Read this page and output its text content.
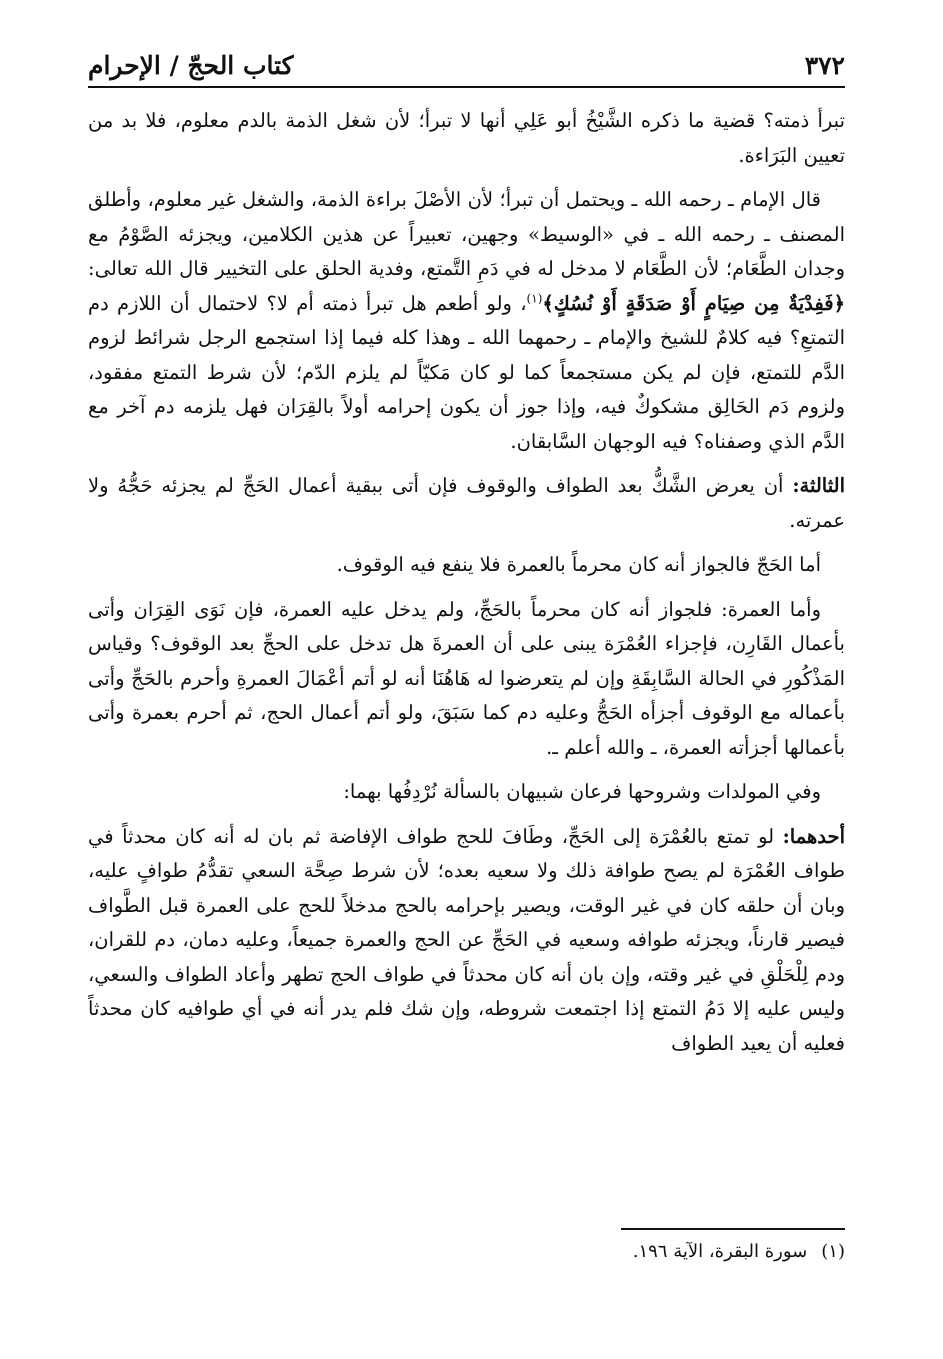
٣٧٢
كتاب الحجّ / الإحرام

تبرأ ذمته؟ قضية ما ذكره الشَّيْخُ أبو عَلِي أنها لا تبرأ؛ لأن شغل الذمة بالدم معلوم، فلا بد من تعيين البَرَاءة.

قال الإمام ـ رحمه الله ـ ويحتمل أن تبرأ؛ لأن الأصْلَ براءة الذمة، والشغل غير معلوم، وأطلق المصنف ـ رحمه الله ـ في «الوسيط» وجهين، تعبيراً عن هذين الكلامين، ويجزئه الصَّوْمُ مع وجدان الطَّعَام؛ لأن الطَّعَام لا مدخل له في دَمِ التَّمتع، وفدية الحلق على التخيير قال الله تعالى: ﴿فَفِدْيَةٌ مِن صِيَامٍ أَوْ صَدَقَةٍ أَوْ نُسُكٍ﴾$^{(١)}$، ولو أطعم هل تبرأ ذمته أم لا؟ لاحتمال أن اللازم دم التمتعِ؟ فيه كلامٌ للشيخ والإمام ـ رحمهما الله ـ وهذا كله فيما إذا استجمع الرجل شرائط لزوم الدَّم للتمتع، فإن لم يكن مستجمعاً كما لو كان مَكيّاً لم يلزم الدّم؛ لأن شرط التمتع مفقود، ولزوم دَم الحَالِق مشكوكٌ فيه، وإذا جوز أن يكون إحرامه أولاً بالقِرَان فهل يلزمه دم آخر مع الدَّم الذي وصفناه؟ فيه الوجهان السَّابقان.

الثالثة: أن يعرض الشَّكُّ بعد الطواف والوقوف فإن أتى ببقية أعمال الحَجِّ لم يجزئه حَجُّهُ ولا عمرته.

أما الحَجّ فالجواز أنه كان محرماً بالعمرة فلا ينفع فيه الوقوف.

وأما العمرة: فلجواز أنه كان محرماً بالحَجِّ، ولم يدخل عليه العمرة، فإن نَوَى القِرَان وأتى بأعمال القَارِن، فإجزاء العُمْرَة يبنى على أن العمرةَ هل تدخل على الحجِّ بعد الوقوف؟ وقياس المَذْكُورِ في الحالة السَّابِقَةِ وإن لم يتعرضوا له هَاهُنَا أنه لو أتم أعْمَالَ العمرةِ وأحرم بالحَجِّ وأتى بأعماله مع الوقوف أجزأه الحَجُّ وعليه دم كما سَبَقَ، ولو أتم أعمال الحج، ثم أحرم بعمرة وأتى بأعمالها أجزأته العمرة، ـ والله أعلم ـ.

وفي المولدات وشروحها فرعان شبيهان بالسألة نُرْدِفُها بهما:

أحدهما: لو تمتع بالعُمْرَة إلى الحَجِّ، وطَافَ للحج طواف الإفاضة ثم بان له أنه كان محدثاً في طواف العُمْرَة لم يصح طوافة ذلك ولا سعيه بعده؛ لأن شرط صِحَّة السعي تقدُّمُ طوافٍ عليه، وبان أن حلقه كان في غير الوقت، ويصير بإحرامه بالحج مدخلاً للحج على العمرة قبل الطَّواف فيصير قارناً، ويجزئه طوافه وسعيه في الحَجِّ عن الحج والعمرة جميعاً، وعليه دمان، دم للقران، ودم لِلْحَلْقِ في غير وقته، وإن بان أنه كان محدثاً في طواف الحج تطهر وأعاد الطواف والسعي، وليس عليه إلا دَمُ التمتع إذا اجتمعت شروطه، وإن شك فلم يدر أنه في أي طوافيه كان محدثاً فعليه أن يعيد الطواف

(١)سورة البقرة، الآية ١٩٦.
